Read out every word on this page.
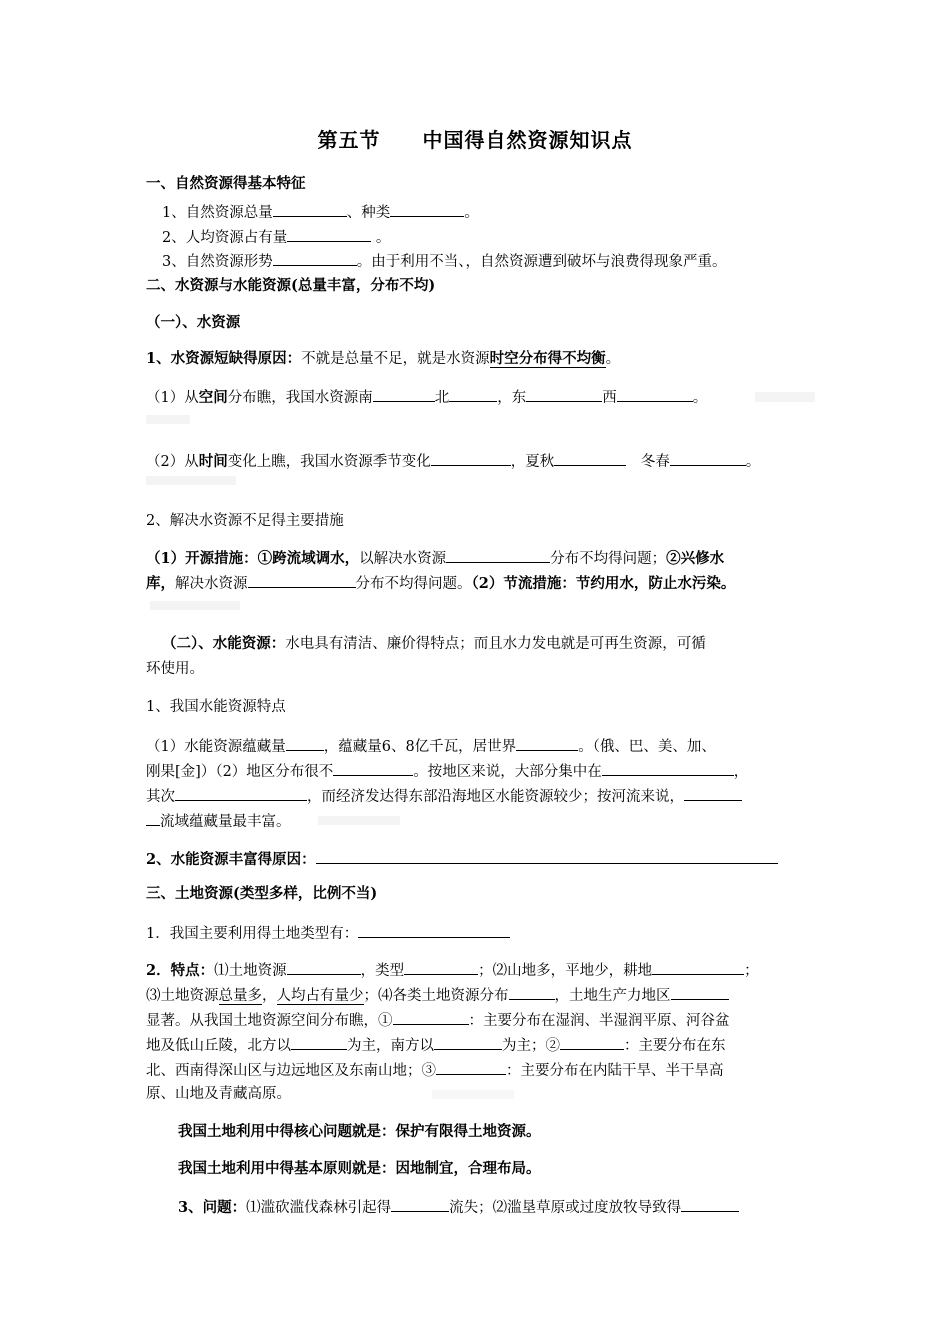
第五节　　中国得自然资源知识点
一、自然资源得基本特征
1、自然资源总量	、种类	。
2、人均资源占有量	。
3、自然资源形势	。由于利用不当、，自然资源遭到破坏与浪费得现象严重。
二、水资源与水能资源(总量丰富，分布不均)
（一）、水资源
1、水资源短缺得原因：不就是总量不足，就是水资源时空分布得不均衡。
（1）从空间分布瞧，我国水资源南	北	，东	西	。
（2）从时间变化上瞧，我国水资源季节变化	，夏秋	　冬春	。
2、解决水资源不足得主要措施
（1）开源措施：①跨流域调水，以解决水资源	分布不均得问题；②兴修水
库，解决水资源	分布不均得问题。（2）节流措施：节约用水，防止水污染。
（二）、水能资源：水电具有清洁、廉价得特点；而且水力发电就是可再生资源，可循
环使用。
1、我国水能资源特点
（1）水能资源蕴藏量	，蕴藏量6、8亿千瓦，居世界	。（俄、巴、美、加、
刚果[金]）（2）地区分布很不	。按地区来说，大部分集中在	，
其次	，而经济发达得东部沿海地区水能资源较少；按河流来说，
流域蕴藏量最丰富。
2、水能资源丰富得原因：
三、土地资源(类型多样，比例不当)
1．我国主要利用得土地类型有：
2．特点：⑴土地资源	，类型	；⑵山地多，平地少，耕地	；
⑶土地资源总量多，人均占有量少；⑷各类土地资源分布	，土地生产力地区
显著。从我国土地资源空间分布瞧，①	：主要分布在湿润、半湿润平原、河谷盆
地及低山丘陵，北方以	为主，南方以	为主；②	：主要分布在东
北、西南得深山区与边远地区及东南山地；③	：主要分布在内陆干旱、半干旱高
原、山地及青藏高原。
我国土地利用中得核心问题就是：保护有限得土地资源。
我国土地利用中得基本原则就是：因地制宜，合理布局。
3、问题：⑴滥砍滥伐森林引起得	流失；⑵滥垦草原或过度放牧导致得
